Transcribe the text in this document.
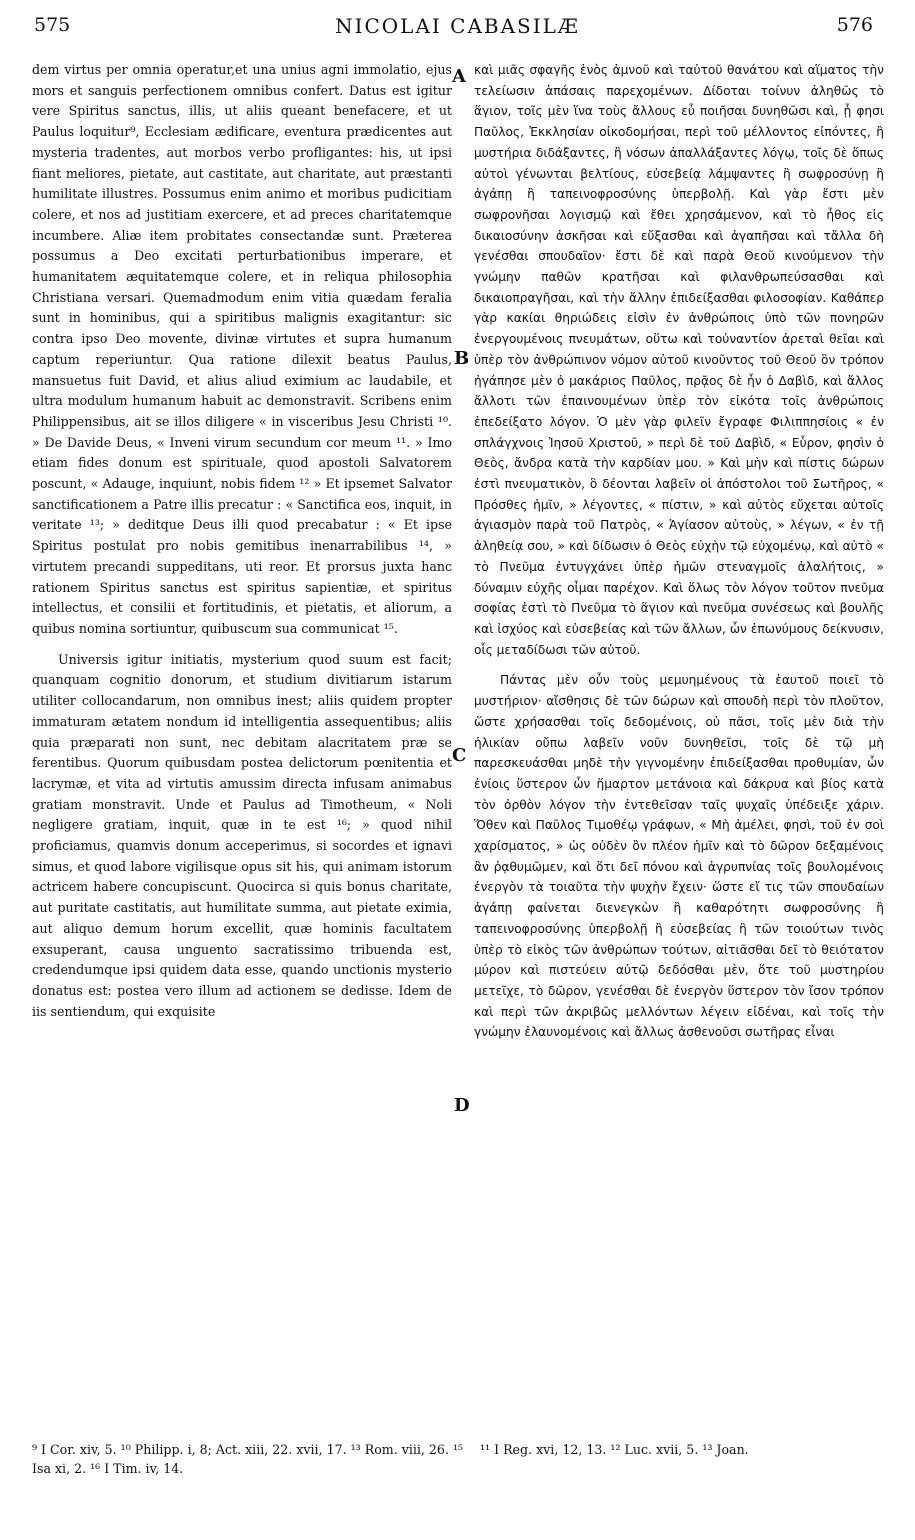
575	NICOLAI CABASILÆ	576

dem virtus per omnia operatur,et una unius agni immolatio, ejus mors et sanguis perfectionem omnibus confert. Datus est igitur vere Spiritus sanctus, illis, ut aliis queant benefacere, et ut Paulus loquitur⁹, Ecclesiam ædificare, eventura prædicentes aut mysteria tradentes, aut morbos verbo profligantes: his, ut ipsi fiant meliores, pietate, aut castitate, aut charitate, aut præstanti humilitate illustres. Possumus enim animo et moribus pudicitiam colere, et nos ad justitiam exercere, et ad preces charitatemque incumbere. Aliæ item probitates consectandæ sunt. Præterea possumus a Deo excitati perturbationibus imperare, et humanitatem æquitatemque colere, et in reliqua philosophia Christiana versari. Quemadmodum enim vitia quædam feralia sunt in hominibus, qui a spiritibus malignis exagitantur: sic contra ipso Deo movente, divinæ virtutes et supra humanum captum reperiuntur. Qua ratione dilexit beatus Paulus, mansuetus fuit David, et alius aliud eximium ac laudabile, et ultra modulum humanum habuit ac demonstravit. Scribens enim Philippensibus, ait se illos diligere « in visceribus Jesu Christi ¹⁰. » De Davide Deus, « Inveni virum secundum cor meum ¹¹. » Imo etiam fides donum est spirituale, quod apostoli Salvatorem poscunt, « Adauge, inquiunt, nobis fidem ¹² » Et ipsemet Salvator sanctificationem a Patre illis precatur : « Sanctifica eos, inquit, in veritate ¹³; » deditque Deus illi quod precabatur : « Et ipse Spiritus postulat pro nobis gemitibus inenarrabilibus ¹⁴, » virtutem precandi suppeditans, uti reor. Et prorsus juxta hanc rationem Spiritus sanctus est spiritus sapientiæ, et spiritus intellectus, et consilii et fortitudinis, et pietatis, et aliorum, a quibus nomina sortiuntur, quibuscum sua communicat ¹⁵.

Universis igitur initiatis, mysterium quod suum est facit; quanquam cognitio donorum, et studium divitiarum istarum utiliter collocandarum, non omnibus inest; aliis quidem propter immaturam ætatem nondum id intelligentia assequentibus; aliis quia præparati non sunt, nec debitam alacritatem præ se ferentibus. Quorum quibusdam postea delictorum pœnitentia et lacrymæ, et vita ad virtutis amussim directa infusam animabus gratiam monstravit. Unde et Paulus ad Timotheum, « Noli negligere gratiam, inquit, quæ in te est ¹⁶; » quod nihil proficiamus, quamvis donum acceperimus, si socordes et ignavi simus, et quod labore vigilisque opus sit his, qui animam istorum actricem habere concupiscunt. Quocirca si quis bonus charitate, aut puritate castitatis, aut humilitate summa, aut pietate eximia, aut aliquo demum horum excellit, quæ hominis facultatem exsuperant, causa unguento sacratissimo tribuenda est, credendumque ipsi quidem data esse, quando unctionis mysterio donatus est: postea vero illum ad actionem se dedisse. Idem de iis sentiendum, qui exquisite

A
B
C
D

καὶ μιᾶς σφαγῆς ἑνὸς ἀμνοῦ καὶ ταὐτοῦ θανάτου καὶ αἵματος τὴν τελείωσιν ἁπάσαις παρεχομένων. Δίδοται τοίνυν ἀληθῶς τὸ ἅγιον, τοῖς μὲν ἵνα τοὺς ἄλλους εὖ ποιῆσαι δυνηθῶσι καὶ, ᾗ φησι Παῦλος, Ἐκκλησίαν οἰκοδομήσαι, περὶ τοῦ μέλλοντος εἰπόντες, ἢ μυστήρια διδάξαντες, ἢ νόσων ἀπαλλάξαντες λόγῳ, τοῖς δὲ ὅπως αὐτοὶ γένωνται βελτίους, εὐσεβείᾳ λάμψαντες ἢ σωφροσύνῃ ἢ ἀγάπῃ ἢ ταπεινοφροσύνης ὑπερβολῇ. Καὶ γὰρ ἔστι μὲν σωφρονῆσαι λογισμῷ καὶ ἔθει χρησάμενον, καὶ τὸ ἦθος εἰς δικαιοσύνην ἀσκῆσαι καὶ εὔξασθαι καὶ ἀγαπῆσαι καὶ τἄλλα δὴ γενέσθαι σπουδαῖον· ἔστι δὲ καὶ παρὰ Θεοῦ κινούμενον τὴν γνώμην παθῶν κρατῆσαι καὶ φιλανθρωπεύσασθαι καὶ δικαιοπραγῆσαι, καὶ τὴν ἄλλην ἐπιδείξασθαι φιλοσοφίαν. Καθάπερ γὰρ κακίαι θηριώδεις εἰσὶν ἐν ἀνθρώποις ὑπὸ τῶν πονηρῶν ἐνεργουμένοις πνευμάτων, οὕτω καὶ τοὐναντίον ἀρεταὶ θεῖαι καὶ ὑπὲρ τὸν ἀνθρώπινον νόμον αὐτοῦ κινοῦντος τοῦ Θεοῦ ὃν τρόπον ἠγάπησε μὲν ὁ μακάριος Παῦλος, πρᾷος δὲ ἦν ὁ Δαβὶδ, καὶ ἄλλος ἄλλοτι τῶν ἐπαινουμένων ὑπὲρ τὸν εἰκότα τοῖς ἀνθρώποις ἐπεδείξατο λόγον. Ὁ μὲν γὰρ φιλεῖν ἔγραφε Φιλιππησίοις « ἐν σπλάγχνοις Ἰησοῦ Χριστοῦ, » περὶ δὲ τοῦ Δαβὶδ, « Εὗρον, φησὶν ὁ Θεὸς, ἄνδρα κατὰ τὴν καρδίαν μου. » Καὶ μὴν καὶ πίστις δώρων ἐστὶ πνευματικὸν, ὃ δέονται λαβεῖν οἱ ἀπόστολοι τοῦ Σωτῆρος, « Πρόσθες ἡμῖν, » λέγοντες, « πίστιν, » καὶ αὐτὸς εὔχεται αὐτοῖς ἁγιασμὸν παρὰ τοῦ Πατρὸς, « Ἁγίασον αὐτοὺς, » λέγων, « ἐν τῇ ἀληθείᾳ σου, » καὶ δίδωσιν ὁ Θεὸς εὐχὴν τῷ εὐχομένῳ, καὶ αὐτὸ « τὸ Πνεῦμα ἐντυγχάνει ὑπὲρ ἡμῶν στεναγμοῖς ἀλαλήτοις, » δύναμιν εὐχῆς οἶμαι παρέχον. Καὶ ὅλως τὸν λόγον τοῦτον πνεῦμα σοφίας ἐστὶ τὸ Πνεῦμα τὸ ἅγιον καὶ πνεῦμα συνέσεως καὶ βουλῆς καὶ ἰσχύος καὶ εὐσεβείας καὶ τῶν ἄλλων, ὧν ἐπωνύμους δείκνυσιν, οἷς μεταδίδωσι τῶν αὑτοῦ.

Πάντας μὲν οὖν τοὺς μεμυημένους τὰ ἑαυτοῦ ποιεῖ τὸ μυστήριον· αἴσθησις δὲ τῶν δώρων καὶ σπουδὴ περὶ τὸν πλοῦτον, ὥστε χρήσασθαι τοῖς δεδομένοις, οὐ πᾶσι, τοῖς μὲν διὰ τὴν ἡλικίαν οὔπω λαβεῖν νοῦν δυνηθεῖσι, τοῖς δὲ τῷ μὴ παρεσκευάσθαι μηδὲ τὴν γιγνομένην ἐπιδείξασθαι προθυμίαν, ὧν ἐνίοις ὕστερον ὧν ἥμαρτον μετάνοια καὶ δάκρυα καὶ βίος κατὰ τὸν ὀρθὸν λόγον τὴν ἐντεθεῖσαν ταῖς ψυχαῖς ὑπέδειξε χάριν. Ὅθεν καὶ Παῦλος Τιμοθέῳ γράφων, « Μὴ ἀμέλει, φησὶ, τοῦ ἐν σοὶ χαρίσματος, » ὡς οὐδὲν ὂν πλέον ἡμῖν καὶ τὸ δῶρον δεξαμένοις ἂν ῥᾳθυμῶμεν, καὶ ὅτι δεῖ πόνου καὶ ἀγρυπνίας τοῖς βουλομένοις ἐνεργὸν τὰ τοιαῦτα τὴν ψυχὴν ἔχειν· ὥστε εἴ τις τῶν σπουδαίων ἀγάπῃ φαίνεται διενεγκὼν ἢ καθαρότητι σωφροσύνης ἢ ταπεινοφροσύνης ὑπερβολῇ ἢ εὐσεβείας ἢ τῶν τοιούτων τινὸς ὑπὲρ τὸ εἰκὸς τῶν ἀνθρώπων τούτων, αἰτιᾶσθαι δεῖ τὸ θειότατον μύρον καὶ πιστεύειν αὐτῷ δεδόσθαι μὲν, ὅτε τοῦ μυστηρίου μετεῖχε, τὸ δῶρον, γενέσθαι δὲ ἐνεργὸν ὕστερον τὸν ἴσον τρόπον καὶ περὶ τῶν ἀκριβῶς μελλόντων λέγειν εἰδέναι, καὶ τοῖς τὴν γνώμην ἐλαυνομένοις καὶ ἄλλως ἀσθενοῦσι σωτῆρας εἶναι

⁹ I Cor. xiv, 5. ¹⁰ Philipp. i, 8; Act. xiii, 22. xvii, 17. ¹³ Rom. viii, 26. ¹⁵ Isa xi, 2. ¹⁶ I Tim. iv, 14.
¹¹ I Reg. xvi, 12, 13. ¹² Luc. xvii, 5. ¹³ Joan.
